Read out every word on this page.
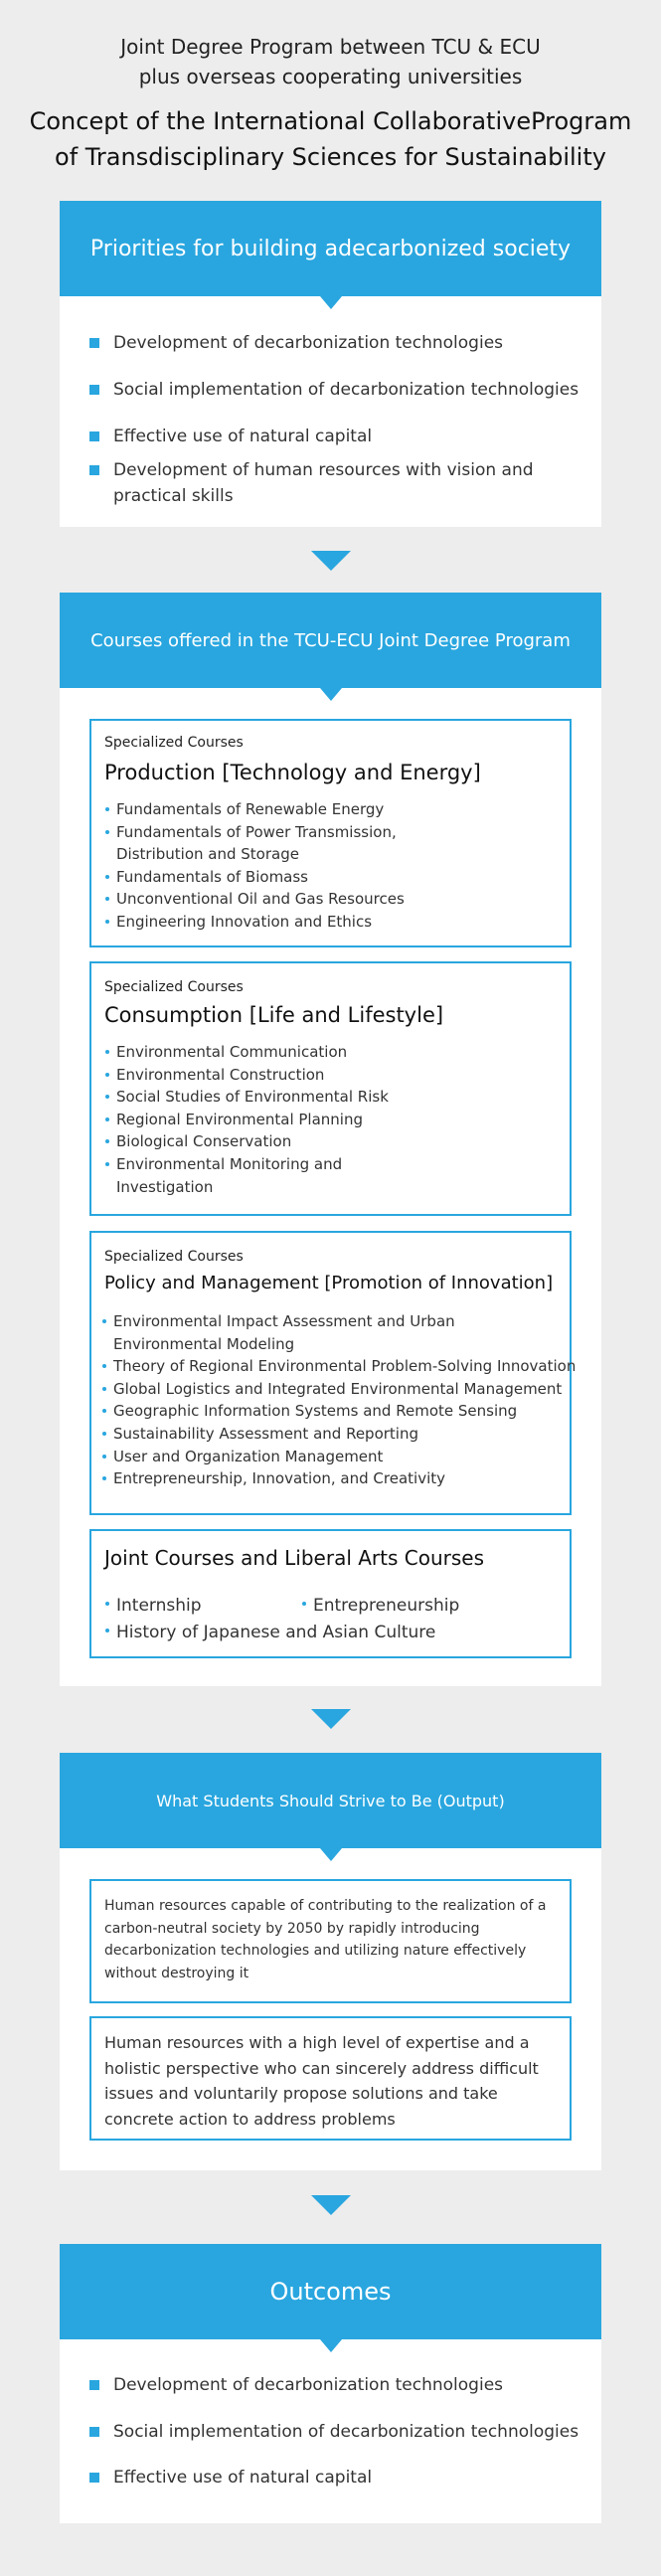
Joint Degree Program between TCU & ECU
plus overseas cooperating universities
Concept of the International CollaborativeProgram
of Transdisciplinary Sciences for Sustainability
Priorities for building adecarbonized society
Development of decarbonization technologies
Social implementation of decarbonization technologies
Effective use of natural capital
Development of human resources with vision and
practical skills
Courses offered in the TCU-ECU Joint Degree Program
Specialized Courses
Production [Technology and Energy]
Fundamentals of Renewable Energy
Fundamentals of Power Transmission,
Distribution and Storage
Fundamentals of Biomass
Unconventional Oil and Gas Resources
Engineering Innovation and Ethics
Specialized Courses
Consumption [Life and Lifestyle]
Environmental Communication
Environmental Construction
Social Studies of Environmental Risk
Regional Environmental Planning
Biological Conservation
Environmental Monitoring and
Investigation
Specialized Courses
Policy and Management [Promotion of Innovation]
Environmental Impact Assessment and Urban
Environmental Modeling
Theory of Regional Environmental Problem-Solving Innovation
Global Logistics and Integrated Environmental Management
Geographic Information Systems and Remote Sensing
Sustainability Assessment and Reporting
User and Organization Management
Entrepreneurship, Innovation, and Creativity
Joint Courses and Liberal Arts Courses
Internship	Entrepreneurship
History of Japanese and Asian Culture
What Students Should Strive to Be (Output)
Human resources capable of contributing to the realization of a
carbon-neutral society by 2050 by rapidly introducing
decarbonization technologies and utilizing nature effectively
without destroying it
Human resources with a high level of expertise and a
holistic perspective who can sincerely address difficult
issues and voluntarily propose solutions and take
concrete action to address problems
Outcomes
Development of decarbonization technologies
Social implementation of decarbonization technologies
Effective use of natural capital
